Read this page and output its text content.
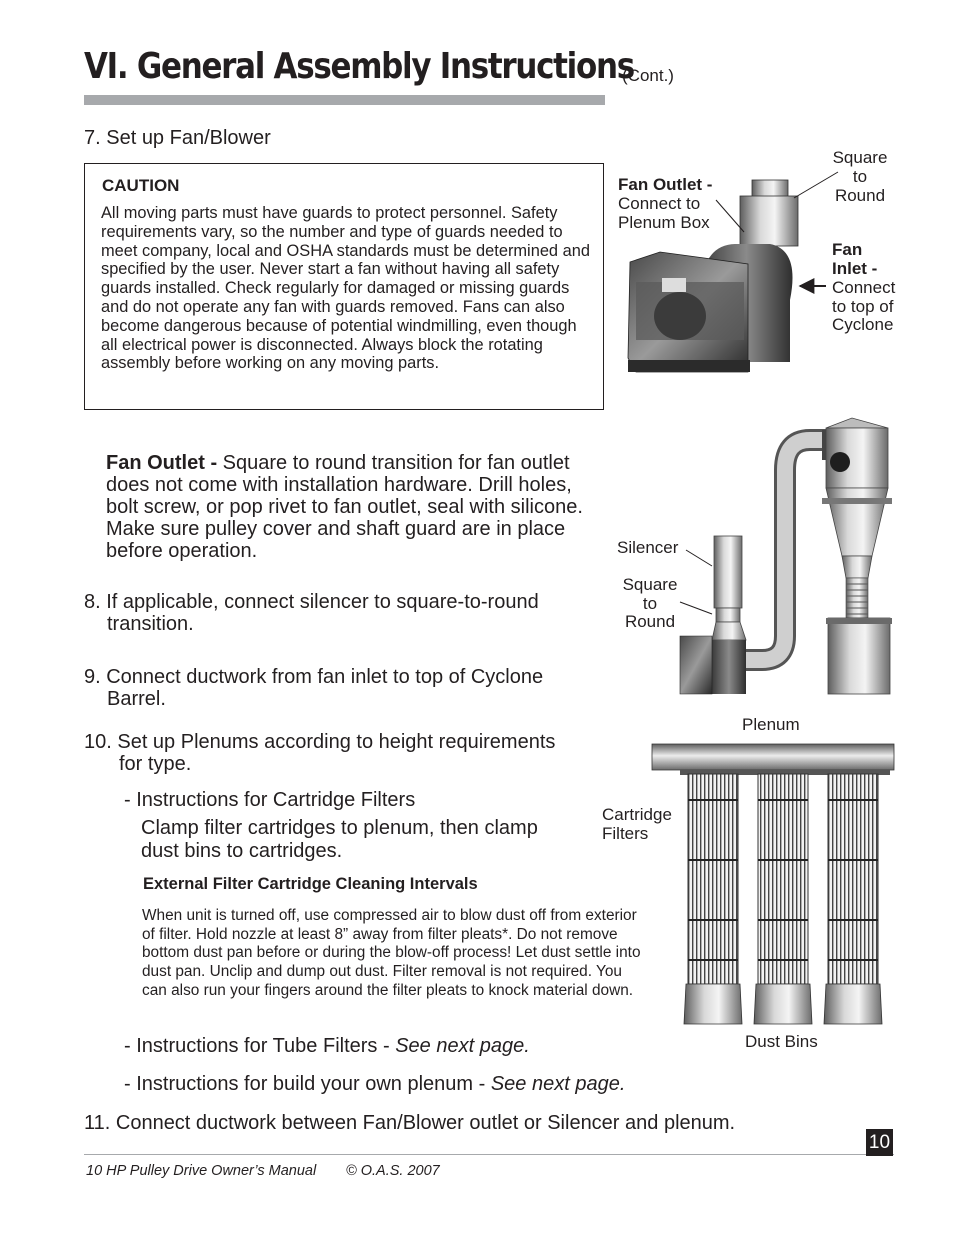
VI. General Assembly Instructions
(Cont.)
7. Set up Fan/Blower
CAUTION
All moving parts must have guards to protect personnel. Safety requirements vary, so the number and type of guards needed to meet company, local and OSHA standards must be determined and specified by the user. Never start a fan without having all safety guards installed. Check regularly for damaged or missing guards and do not operate any fan with guards removed. Fans can also become dangerous because of potential windmilling, even though all electrical power is disconnected. Always block the rotating assembly before working on any moving parts.
Fan Outlet -
Connect to
Plenum Box
Square
to
Round
Fan
Inlet -
Connect
to top of
Cyclone
Fan Outlet - Square to round transition for fan outlet does not come with installation hardware. Drill holes, bolt screw, or pop rivet to fan outlet, seal with silicone. Make sure pulley cover and shaft guard are in place before operation.	Silencer
Square
to
Round
8. If applicable, connect silencer to square-to-round
transition.
9. Connect ductwork from fan inlet to top of Cyclone
Barrel.
10. Set up Plenums according to height requirements
for type.
- Instructions for Cartridge Filters
Clamp filter cartridges to plenum, then clamp
dust bins to cartridges.
External Filter Cartridge Cleaning Intervals
When unit is turned off, use compressed air to blow dust off from exterior of filter. Hold nozzle at least 8” away from filter pleats*. Do not remove bottom dust pan before or during the blow-off process! Let dust settle into dust pan. Unclip and dump out dust. Filter removal is not required. You can also run your fingers around the filter pleats to knock material down.
Plenum
Cartridge
Filters
Dust Bins
- Instructions for Tube Filters - See next page.
- Instructions for build your own plenum - See next page.
11. Connect ductwork between Fan/Blower outlet or Silencer and plenum.
10 HP Pulley Drive Owner’s Manual © O.A.S. 2007
10
